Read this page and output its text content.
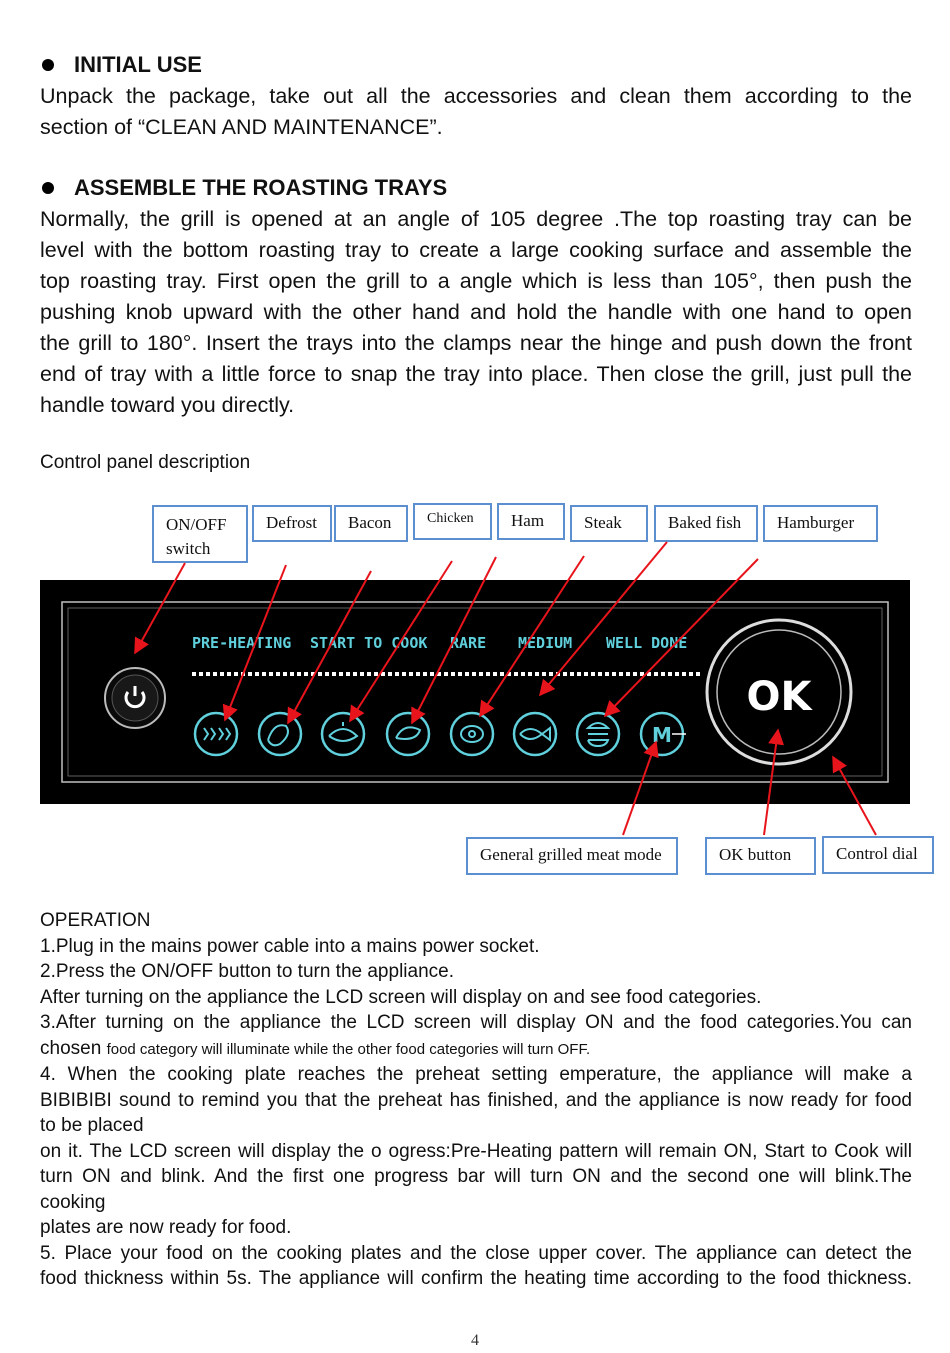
INITIAL USE
Unpack the package, take out all the accessories and clean them according to the
section of “CLEAN AND MAINTENANCE”.
ASSEMBLE THE ROASTING TRAYS
Normally, the grill is opened at an angle of 105 degree .The top roasting tray can be
level with the bottom roasting tray to create a large cooking surface and assemble the
top roasting tray. First open the grill to a angle which is less than 105°, then push the
pushing knob upward with the other hand and hold the handle with one hand to open
the grill to 180°. Insert the trays into the clamps near the hinge and push down the front
end of tray with a little force to snap the tray into place. Then close the grill, just pull the
handle toward you directly.
Control panel description
ON/OFF switch
Defrost	Bacon	Chicken	Ham	Steak	Baked fish	Hamburger
PRE-HEATING START TO COOK RARE MEDIUM WELL DONE
M
OK
General grilled meat mode	OK button	Control dial
OPERATION
1.Plug in the mains power cable into a mains power socket.
2.Press the ON/OFF button to turn the appliance.
After turning on the appliance the LCD screen will display on and see food categories.
3.After turning on the appliance the LCD screen will display ON and the food categories.You can
chosen food category will illuminate while the other food categories will turn OFF.
4. When the cooking plate reaches the preheat setting emperature, the appliance will make a
BIBIBIBI sound to remind you that the preheat has finished, and the appliance is now ready for food
to be placed
on it. The LCD screen will display the o ogress:Pre-Heating pattern will remain ON, Start to Cook will
turn ON and blink. And the first one progress bar will turn ON and the second one will blink.The
cooking
plates are now ready for food.
5. Place your food on the cooking plates and the close upper cover. The appliance can detect the
food thickness within 5s. The appliance will confirm the heating time according to the food thickness.
4
